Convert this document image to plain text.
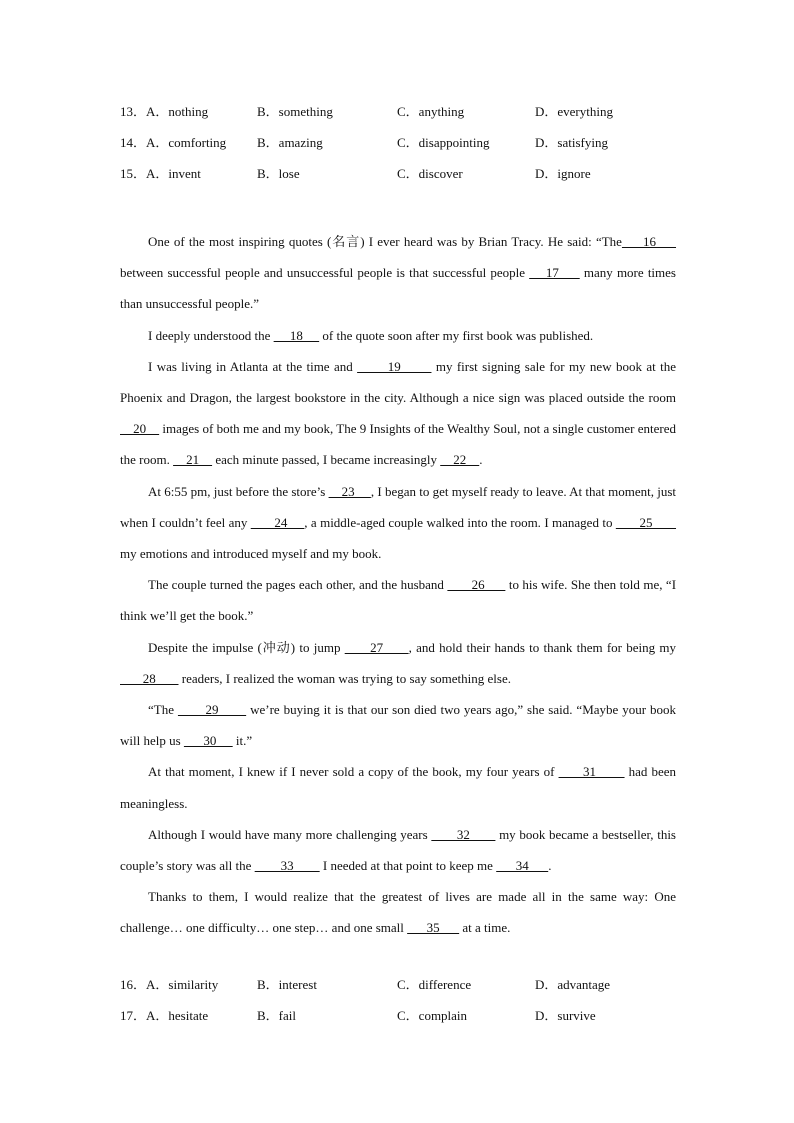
13．A．nothing	B．something	C．anything	D．everything
14．A．comforting B．amazing	C．disappointing	D．satisfying
15．A．invent	B．lose	C．discover	D．ignore

One of the most inspiring quotes (名言) I ever heard was by Brian Tracy. He said: “The     16      between successful people and unsuccessful people is that successful people     17      many more times than unsuccessful people.”

I deeply understood the      18      of the quote soon after my first book was published.

I was living in Atlanta at the time and        19        my first signing sale for my new book at the Phoenix and Dragon, the largest bookstore in the city. Although a nice sign was placed outside the room     20     images of both me and my book, The 9 Insights of the Wealthy Soul, not a single customer entered the room.     21     each minute passed, I became increasingly     22    .

At 6:55 pm, just before the store’s     23     , I began to get myself ready to leave. At that moment, just when I couldn’t feel any        24     , a middle-aged couple walked into the room. I managed to        25        my emotions and introduced myself and my book.

The couple turned the pages each other, and the husband        26       to his wife. She then told me, “I think we’ll get the book.”

Despite the impulse (冲动) to jump       27      , and hold their hands to thank them for being my        28        readers, I realized the woman was trying to say something else.

“The        29        we’re buying it is that our son died two years ago,” she said. “Maybe your book will help us       30      it.”

At that moment, I knew if I never sold a copy of the book, my four years of       31        had been meaningless.

Although I would have many more challenging years        32        my book became a bestseller, this couple’s story was all the         33         I needed at that point to keep me       34      .

Thanks to them, I would realize that the greatest of lives are made all in the same way: One challenge… one difficulty… one step… and one small       35       at a time.

16．A．similarity	B．interest	C．difference	D．advantage
17．A．hesitate	B．fail	C．complain	D．survive
